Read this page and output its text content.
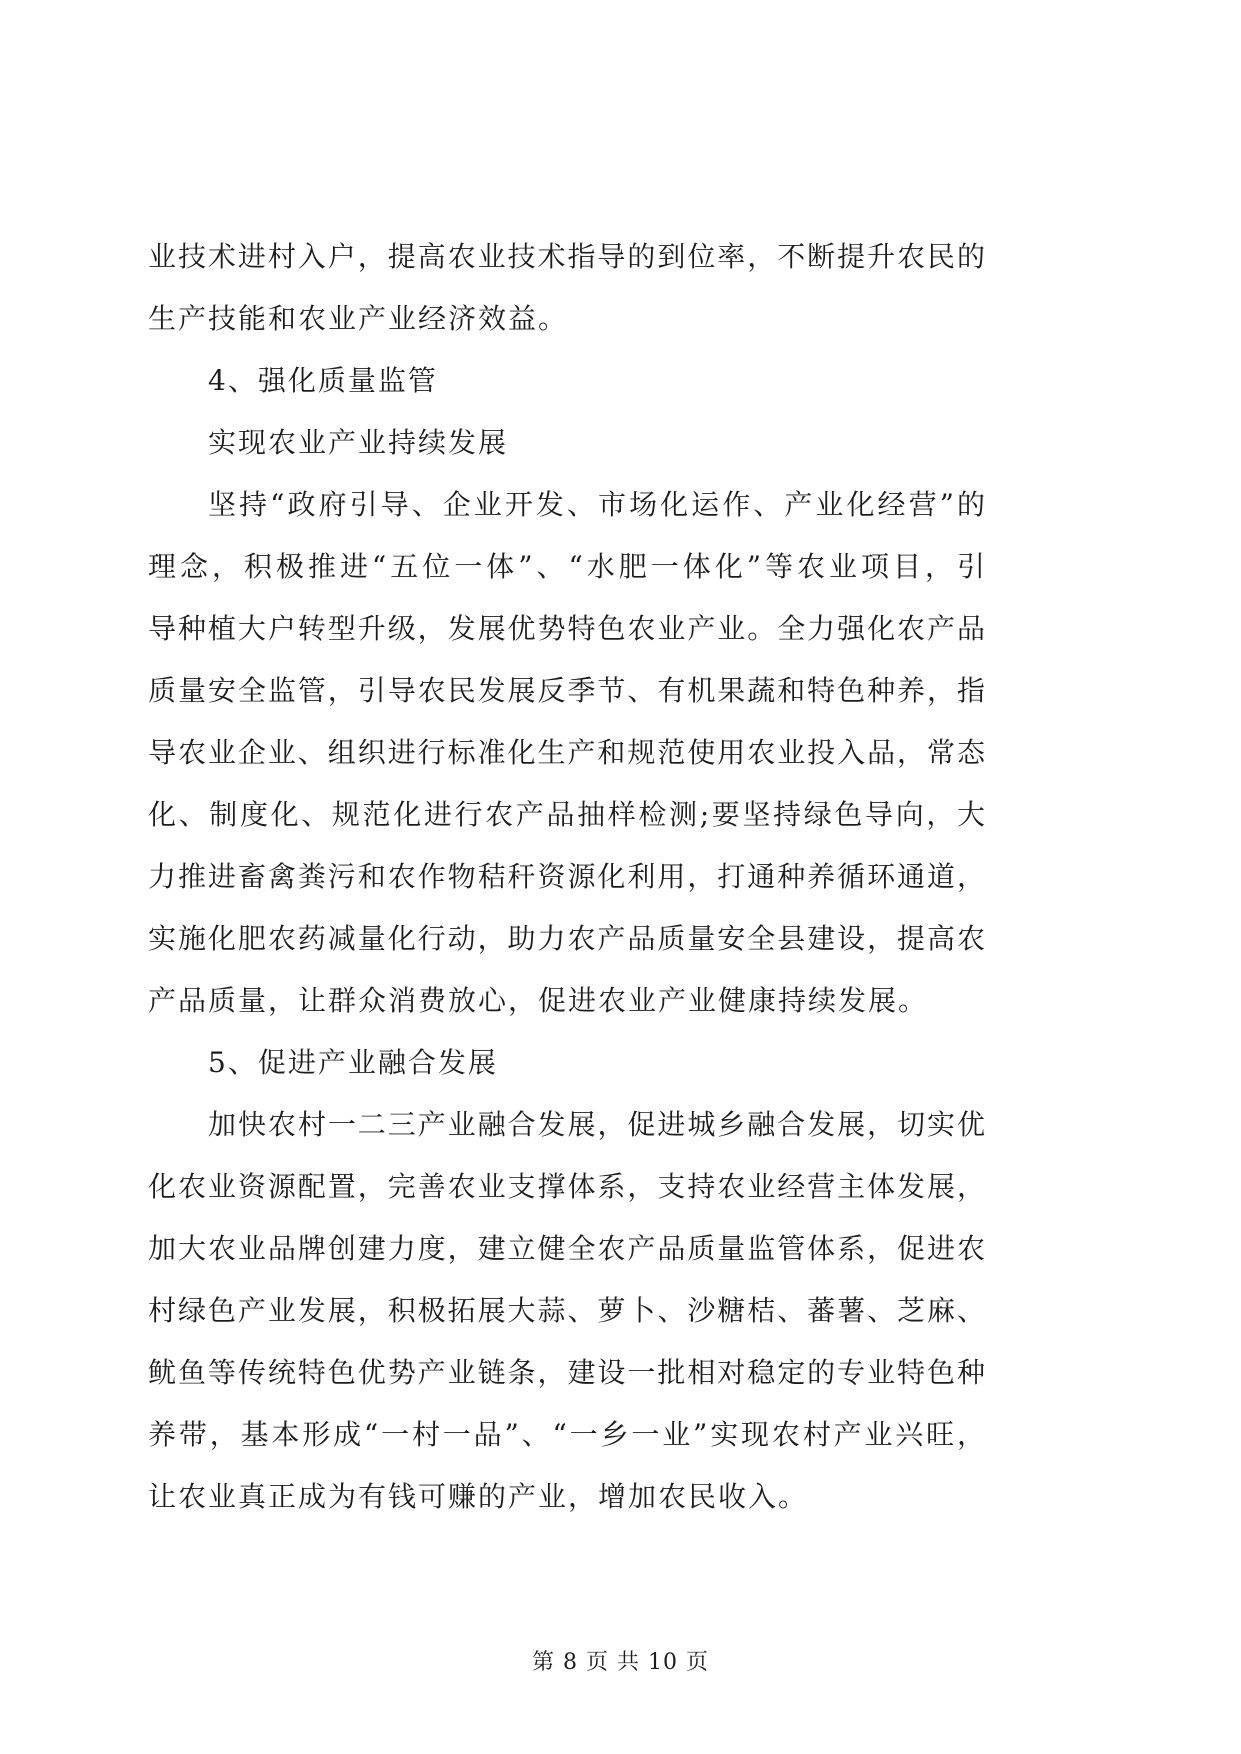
业技术进村入户，提高农业技术指导的到位率，不断提升农民的
生产技能和农业产业经济效益。
4、强化质量监管
实现农业产业持续发展
坚持“政府引导、企业开发、市场化运作、产业化经营”的
理念，积极推进“五位一体”、“水肥一体化”等农业项目，引
导种植大户转型升级，发展优势特色农业产业。全力强化农产品
质量安全监管，引导农民发展反季节、有机果蔬和特色种养，指
导农业企业、组织进行标准化生产和规范使用农业投入品，常态
化、制度化、规范化进行农产品抽样检测;要坚持绿色导向，大
力推进畜禽粪污和农作物秸秆资源化利用，打通种养循环通道，
实施化肥农药减量化行动，助力农产品质量安全县建设，提高农
产品质量，让群众消费放心，促进农业产业健康持续发展。
5、促进产业融合发展
加快农村一二三产业融合发展，促进城乡融合发展，切实优
化农业资源配置，完善农业支撑体系，支持农业经营主体发展，
加大农业品牌创建力度，建立健全农产品质量监管体系，促进农
村绿色产业发展，积极拓展大蒜、萝卜、沙糖桔、蕃薯、芝麻、
鱿鱼等传统特色优势产业链条，建设一批相对稳定的专业特色种
养带，基本形成“一村一品”、“一乡一业”实现农村产业兴旺，
让农业真正成为有钱可赚的产业，增加农民收入。
第 8 页 共 10 页
